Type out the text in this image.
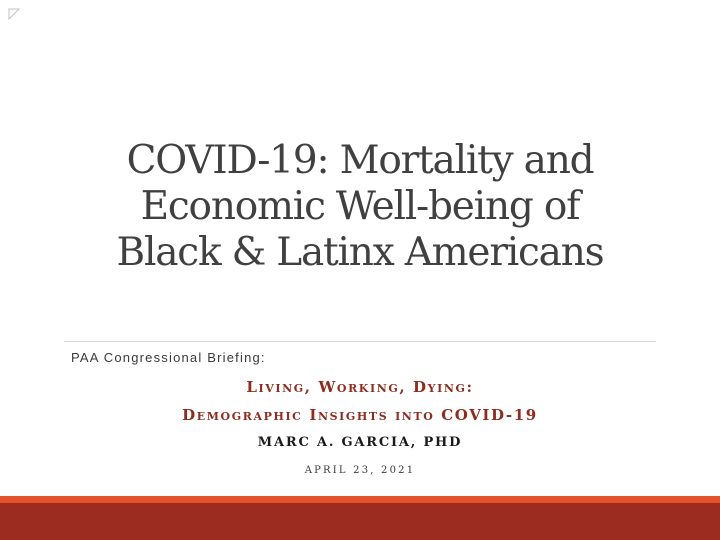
COVID-19: Mortality and
Economic Well-being of
Black & Latinx Americans

PAA Congressional Briefing:

Living, Working, Dying:

Demographic Insights into COVID-19

MARC A. GARCIA, PHD

APRIL 23, 2021
